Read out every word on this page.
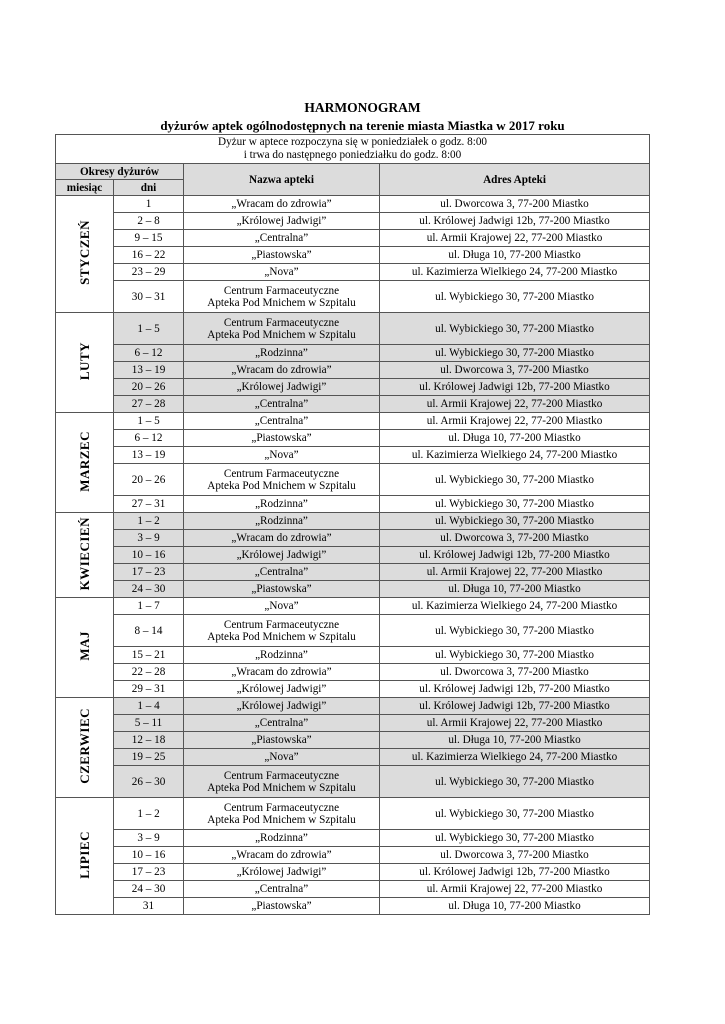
HARMONOGRAM
dyżurów aptek ogólnodostępnych na terenie miasta Miastka w 2017 roku
Dyżur w aptece rozpoczyna się w poniedziałek o godz. 8:00
i trwa do następnego poniedziałku do godz. 8:00			

Okresy dyżurów		Nazwa apteki	Adres Apteki
miesiąc	dni		
STYCZEŃ	1	„Wracam do zdrowia”	ul. Dworcowa 3, 77-200 Miastko
	2 – 8	„Królowej Jadwigi”	ul. Królowej Jadwigi 12b, 77-200 Miastko
	9 – 15	„Centralna”	ul. Armii Krajowej 22, 77-200 Miastko
	16 – 22	„Piastowska”	ul. Długa 10, 77-200 Miastko
	23 – 29	„Nova”	ul. Kazimierza Wielkiego 24, 77-200 Miastko
	30 – 31	Centrum Farmaceutyczne
Apteka Pod Mnichem w Szpitalu	ul. Wybickiego 30, 77-200 Miastko
LUTY	1 – 5	Centrum Farmaceutyczne
Apteka Pod Mnichem w Szpitalu	ul. Wybickiego 30, 77-200 Miastko
	6 – 12	„Rodzinna”	ul. Wybickiego 30, 77-200 Miastko
	13 – 19	„Wracam do zdrowia”	ul. Dworcowa 3, 77-200 Miastko
	20 – 26	„Królowej Jadwigi”	ul. Królowej Jadwigi 12b, 77-200 Miastko
	27 – 28	„Centralna”	ul. Armii Krajowej 22, 77-200 Miastko
MARZEC	1 – 5	„Centralna”	ul. Armii Krajowej 22, 77-200 Miastko
	6 – 12	„Piastowska”	ul. Długa 10, 77-200 Miastko
	13 – 19	„Nova”	ul. Kazimierza Wielkiego 24, 77-200 Miastko
	20 – 26	Centrum Farmaceutyczne
Apteka Pod Mnichem w Szpitalu	ul. Wybickiego 30, 77-200 Miastko
	27 – 31	„Rodzinna”	ul. Wybickiego 30, 77-200 Miastko
KWIECIEŃ	1 – 2	„Rodzinna”	ul. Wybickiego 30, 77-200 Miastko
	3 – 9	„Wracam do zdrowia”	ul. Dworcowa 3, 77-200 Miastko
	10 – 16	„Królowej Jadwigi”	ul. Królowej Jadwigi 12b, 77-200 Miastko
	17 – 23	„Centralna”	ul. Armii Krajowej 22, 77-200 Miastko
	24 – 30	„Piastowska”	ul. Długa 10, 77-200 Miastko
MAJ	1 – 7	„Nova”	ul. Kazimierza Wielkiego 24, 77-200 Miastko
	8 – 14	Centrum Farmaceutyczne
Apteka Pod Mnichem w Szpitalu	ul. Wybickiego 30, 77-200 Miastko
	15 – 21	„Rodzinna”	ul. Wybickiego 30, 77-200 Miastko
	22 – 28	„Wracam do zdrowia”	ul. Dworcowa 3, 77-200 Miastko
	29 – 31	„Królowej Jadwigi”	ul. Królowej Jadwigi 12b, 77-200 Miastko
CZERWIEC	1 – 4	„Królowej Jadwigi”	ul. Królowej Jadwigi 12b, 77-200 Miastko
	5 – 11	„Centralna”	ul. Armii Krajowej 22, 77-200 Miastko
	12 – 18	„Piastowska”	ul. Długa 10, 77-200 Miastko
	19 – 25	„Nova”	ul. Kazimierza Wielkiego 24, 77-200 Miastko
	26 – 30	Centrum Farmaceutyczne
Apteka Pod Mnichem w Szpitalu	ul. Wybickiego 30, 77-200 Miastko
LIPIEC	1 – 2	Centrum Farmaceutyczne
Apteka Pod Mnichem w Szpitalu	ul. Wybickiego 30, 77-200 Miastko
	3 – 9	„Rodzinna”	ul. Wybickiego 30, 77-200 Miastko
	10 – 16	„Wracam do zdrowia”	ul. Dworcowa 3, 77-200 Miastko
	17 – 23	„Królowej Jadwigi”	ul. Królowej Jadwigi 12b, 77-200 Miastko
	24 – 30	„Centralna”	ul. Armii Krajowej 22, 77-200 Miastko
	31	„Piastowska”	ul. Długa 10, 77-200 Miastko
